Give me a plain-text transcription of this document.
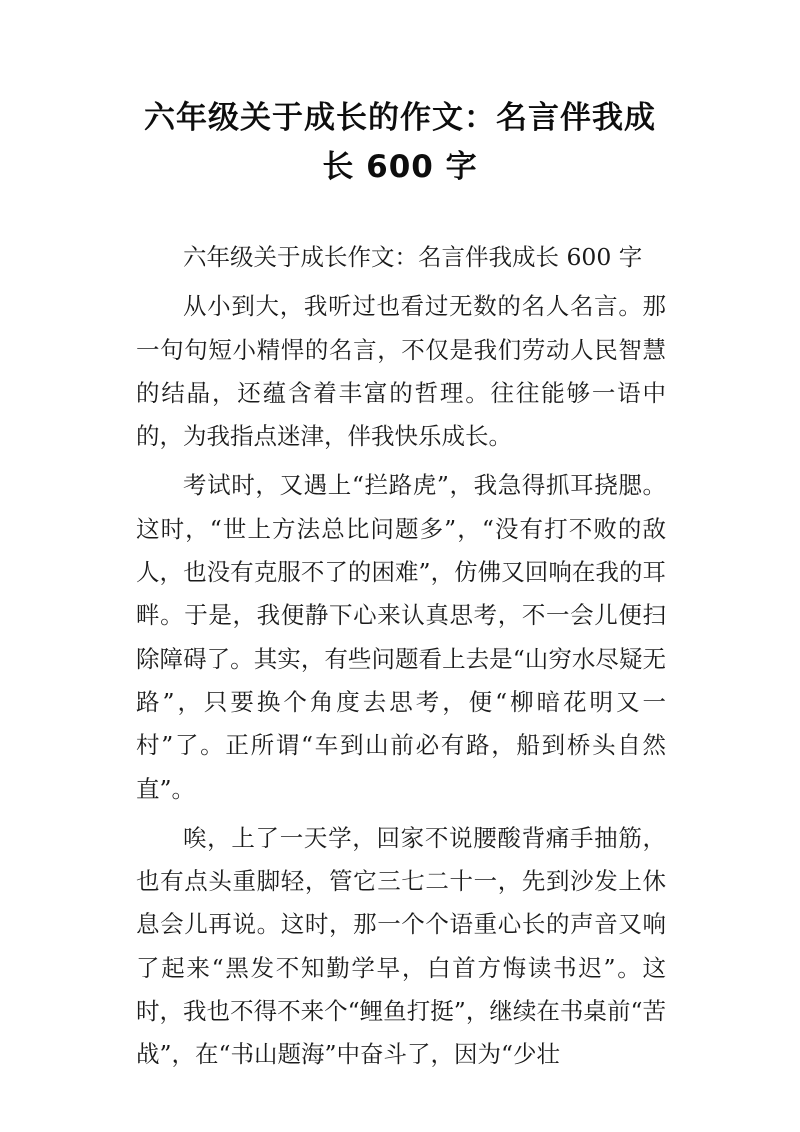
六年级关于成长的作文：名言伴我成
长 600 字

六年级关于成长作文：名言伴我成长 600 字

从小到大，我听过也看过无数的名人名言。那一句句短小精悍的名言，不仅是我们劳动人民智慧的结晶，还蕴含着丰富的哲理。往往能够一语中的，为我指点迷津，伴我快乐成长。

考试时，又遇上“拦路虎”，我急得抓耳挠腮。这时，“世上方法总比问题多”，“没有打不败的敌人，也没有克服不了的困难”，仿佛又回响在我的耳畔。于是，我便静下心来认真思考，不一会儿便扫除障碍了。其实，有些问题看上去是“山穷水尽疑无路”，只要换个角度去思考，便“柳暗花明又一村”了。正所谓“车到山前必有路，船到桥头自然直”。

唉，上了一天学，回家不说腰酸背痛手抽筋，也有点头重脚轻，管它三七二十一，先到沙发上休息会儿再说。这时，那一个个语重心长的声音又响了起来“黑发不知勤学早，白首方悔读书迟”。这时，我也不得不来个“鲤鱼打挺”，继续在书桌前“苦战”，在“书山题海”中奋斗了，因为“少壮
